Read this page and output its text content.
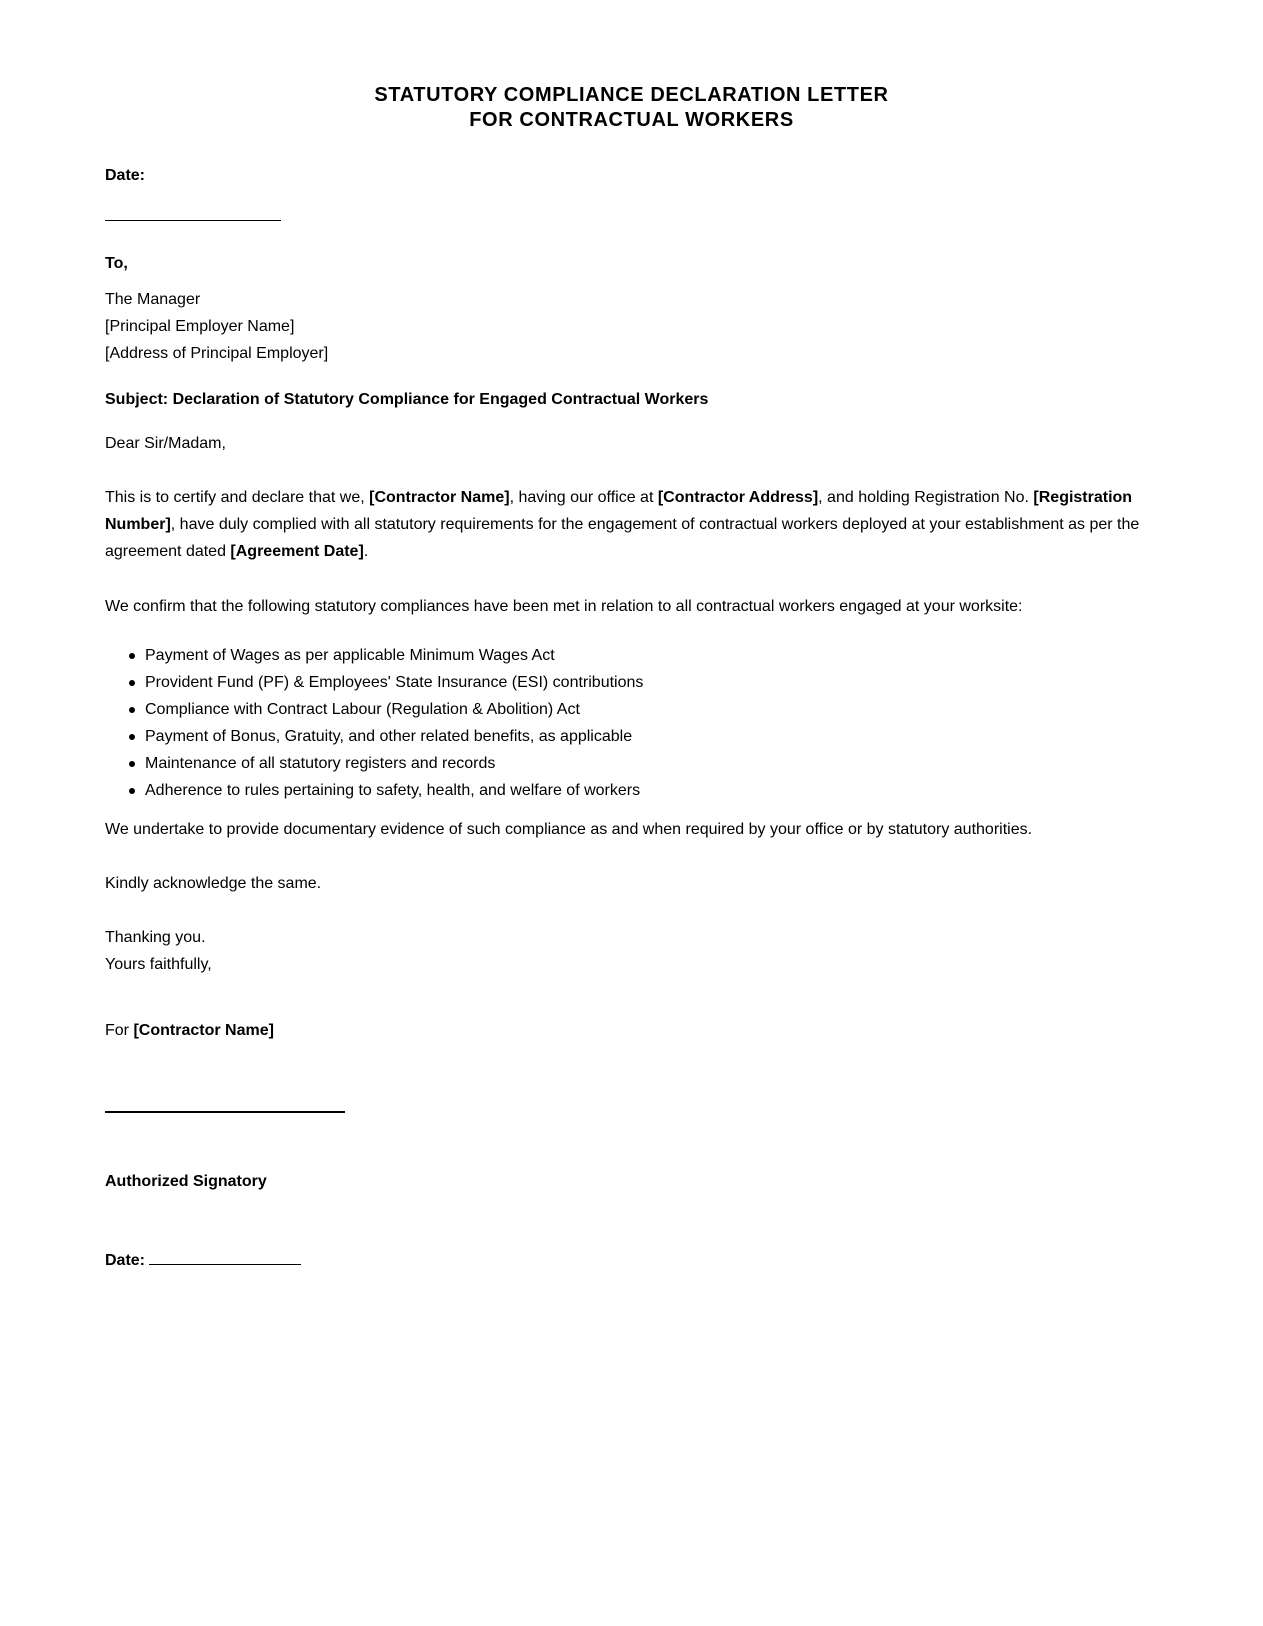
STATUTORY COMPLIANCE DECLARATION LETTER
FOR CONTRACTUAL WORKERS
Date:
To,
The Manager
[Principal Employer Name]
[Address of Principal Employer]
Subject: Declaration of Statutory Compliance for Engaged Contractual Workers
Dear Sir/Madam,
This is to certify and declare that we, [Contractor Name], having our office at [Contractor Address], and holding Registration No. [Registration Number], have duly complied with all statutory requirements for the engagement of contractual workers deployed at your establishment as per the agreement dated [Agreement Date].
We confirm that the following statutory compliances have been met in relation to all contractual workers engaged at your worksite:
Payment of Wages as per applicable Minimum Wages Act
Provident Fund (PF) & Employees' State Insurance (ESI) contributions
Compliance with Contract Labour (Regulation & Abolition) Act
Payment of Bonus, Gratuity, and other related benefits, as applicable
Maintenance of all statutory registers and records
Adherence to rules pertaining to safety, health, and welfare of workers
We undertake to provide documentary evidence of such compliance as and when required by your office or by statutory authorities.
Kindly acknowledge the same.
Thanking you.
Yours faithfully,
For [Contractor Name]
Authorized Signatory
Date:
